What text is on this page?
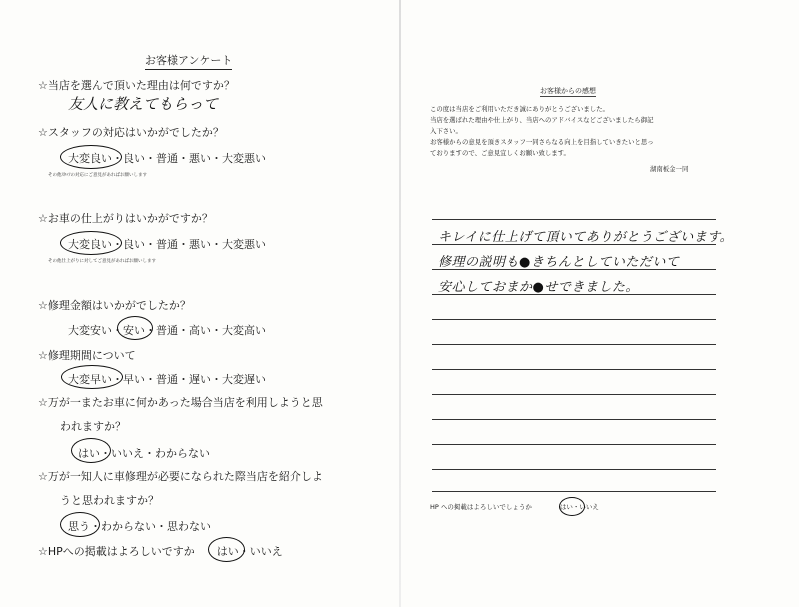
お客様アンケート
☆当店を選んで頂いた理由は何ですか？
友人に教えてもらって
☆スタッフの対応はいかがでしたか？
大変良い・良い・普通・悪い・大変悪い
その他ｽﾀｯﾌの対応にご意見があればお願いします
☆お車の仕上がりはいかがですか？
大変良い・良い・普通・悪い・大変悪い
その他仕上がりに対してご意見があればお願いします
☆修理金額はいかがでしたか？
大変安い・安い・普通・高い・大変高い
☆修理期間について
大変早い・早い・普通・遅い・大変遅い
☆万が一またお車に何かあった場合当店を利用しようと思
われますか？
はい・いいえ・わからない
☆万が一知人に車修理が必要になられた際当店を紹介しよ
うと思われますか？
思う・わからない・思わない
☆HPへの掲載はよろしいですか はい・いいえ
お客様からの感想
この度は当店をご利用いただき誠にありがとうございました。
当店を選ばれた理由や仕上がり、当店へのアドバイスなどございましたら御記
入下さい。
お客様からの意見を頂きスタッフ一同さらなる向上を目指していきたいと思っ
ておりますので、ご意見宜しくお願い致します。
湖南板金一同
キレイに仕上げて頂いてありがとうございます。
修理の説明も●きちんとしていただいて
安心しておまか●せできました。
HP への掲載はよろしいでしょうか	はい・いいえ
